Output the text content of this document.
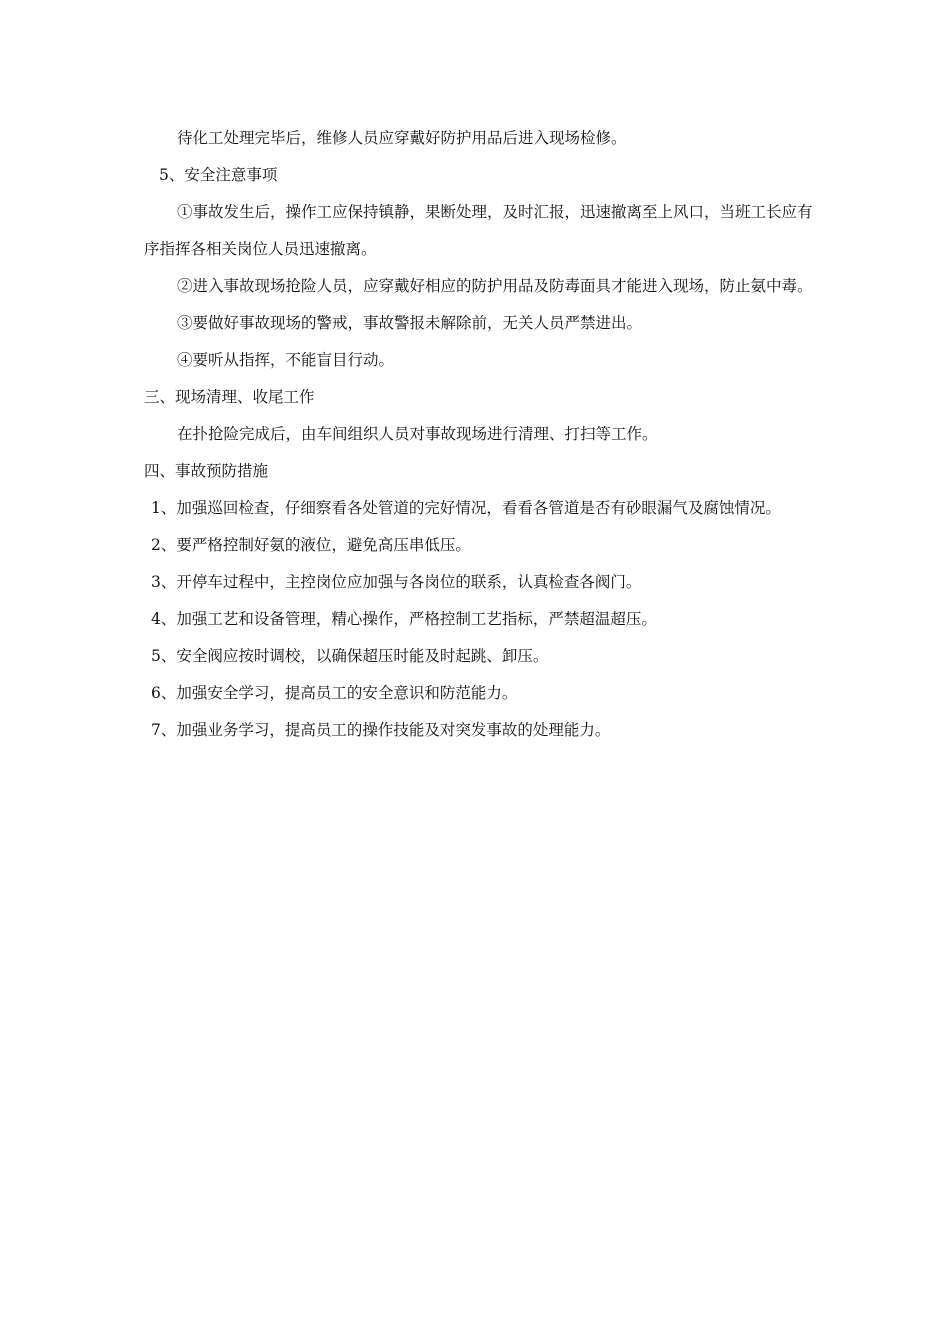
待化工处理完毕后，维修人员应穿戴好防护用品后进入现场检修。

5、安全注意事项

①事故发生后，操作工应保持镇静，果断处理，及时汇报，迅速撤离至上风口，当班工长应有序指挥各相关岗位人员迅速撤离。

②进入事故现场抢险人员，应穿戴好相应的防护用品及防毒面具才能进入现场，防止氨中毒。

③要做好事故现场的警戒，事故警报未解除前，无关人员严禁进出。

④要听从指挥，不能盲目行动。

三、现场清理、收尾工作

在扑抢险完成后，由车间组织人员对事故现场进行清理、打扫等工作。

四、事故预防措施

1、加强巡回检查，仔细察看各处管道的完好情况，看看各管道是否有砂眼漏气及腐蚀情况。

2、要严格控制好氨的液位，避免高压串低压。

3、开停车过程中，主控岗位应加强与各岗位的联系，认真检查各阀门。

4、加强工艺和设备管理，精心操作，严格控制工艺指标，严禁超温超压。

5、安全阀应按时调校，以确保超压时能及时起跳、卸压。

6、加强安全学习，提高员工的安全意识和防范能力。

7、加强业务学习，提高员工的操作技能及对突发事故的处理能力。
